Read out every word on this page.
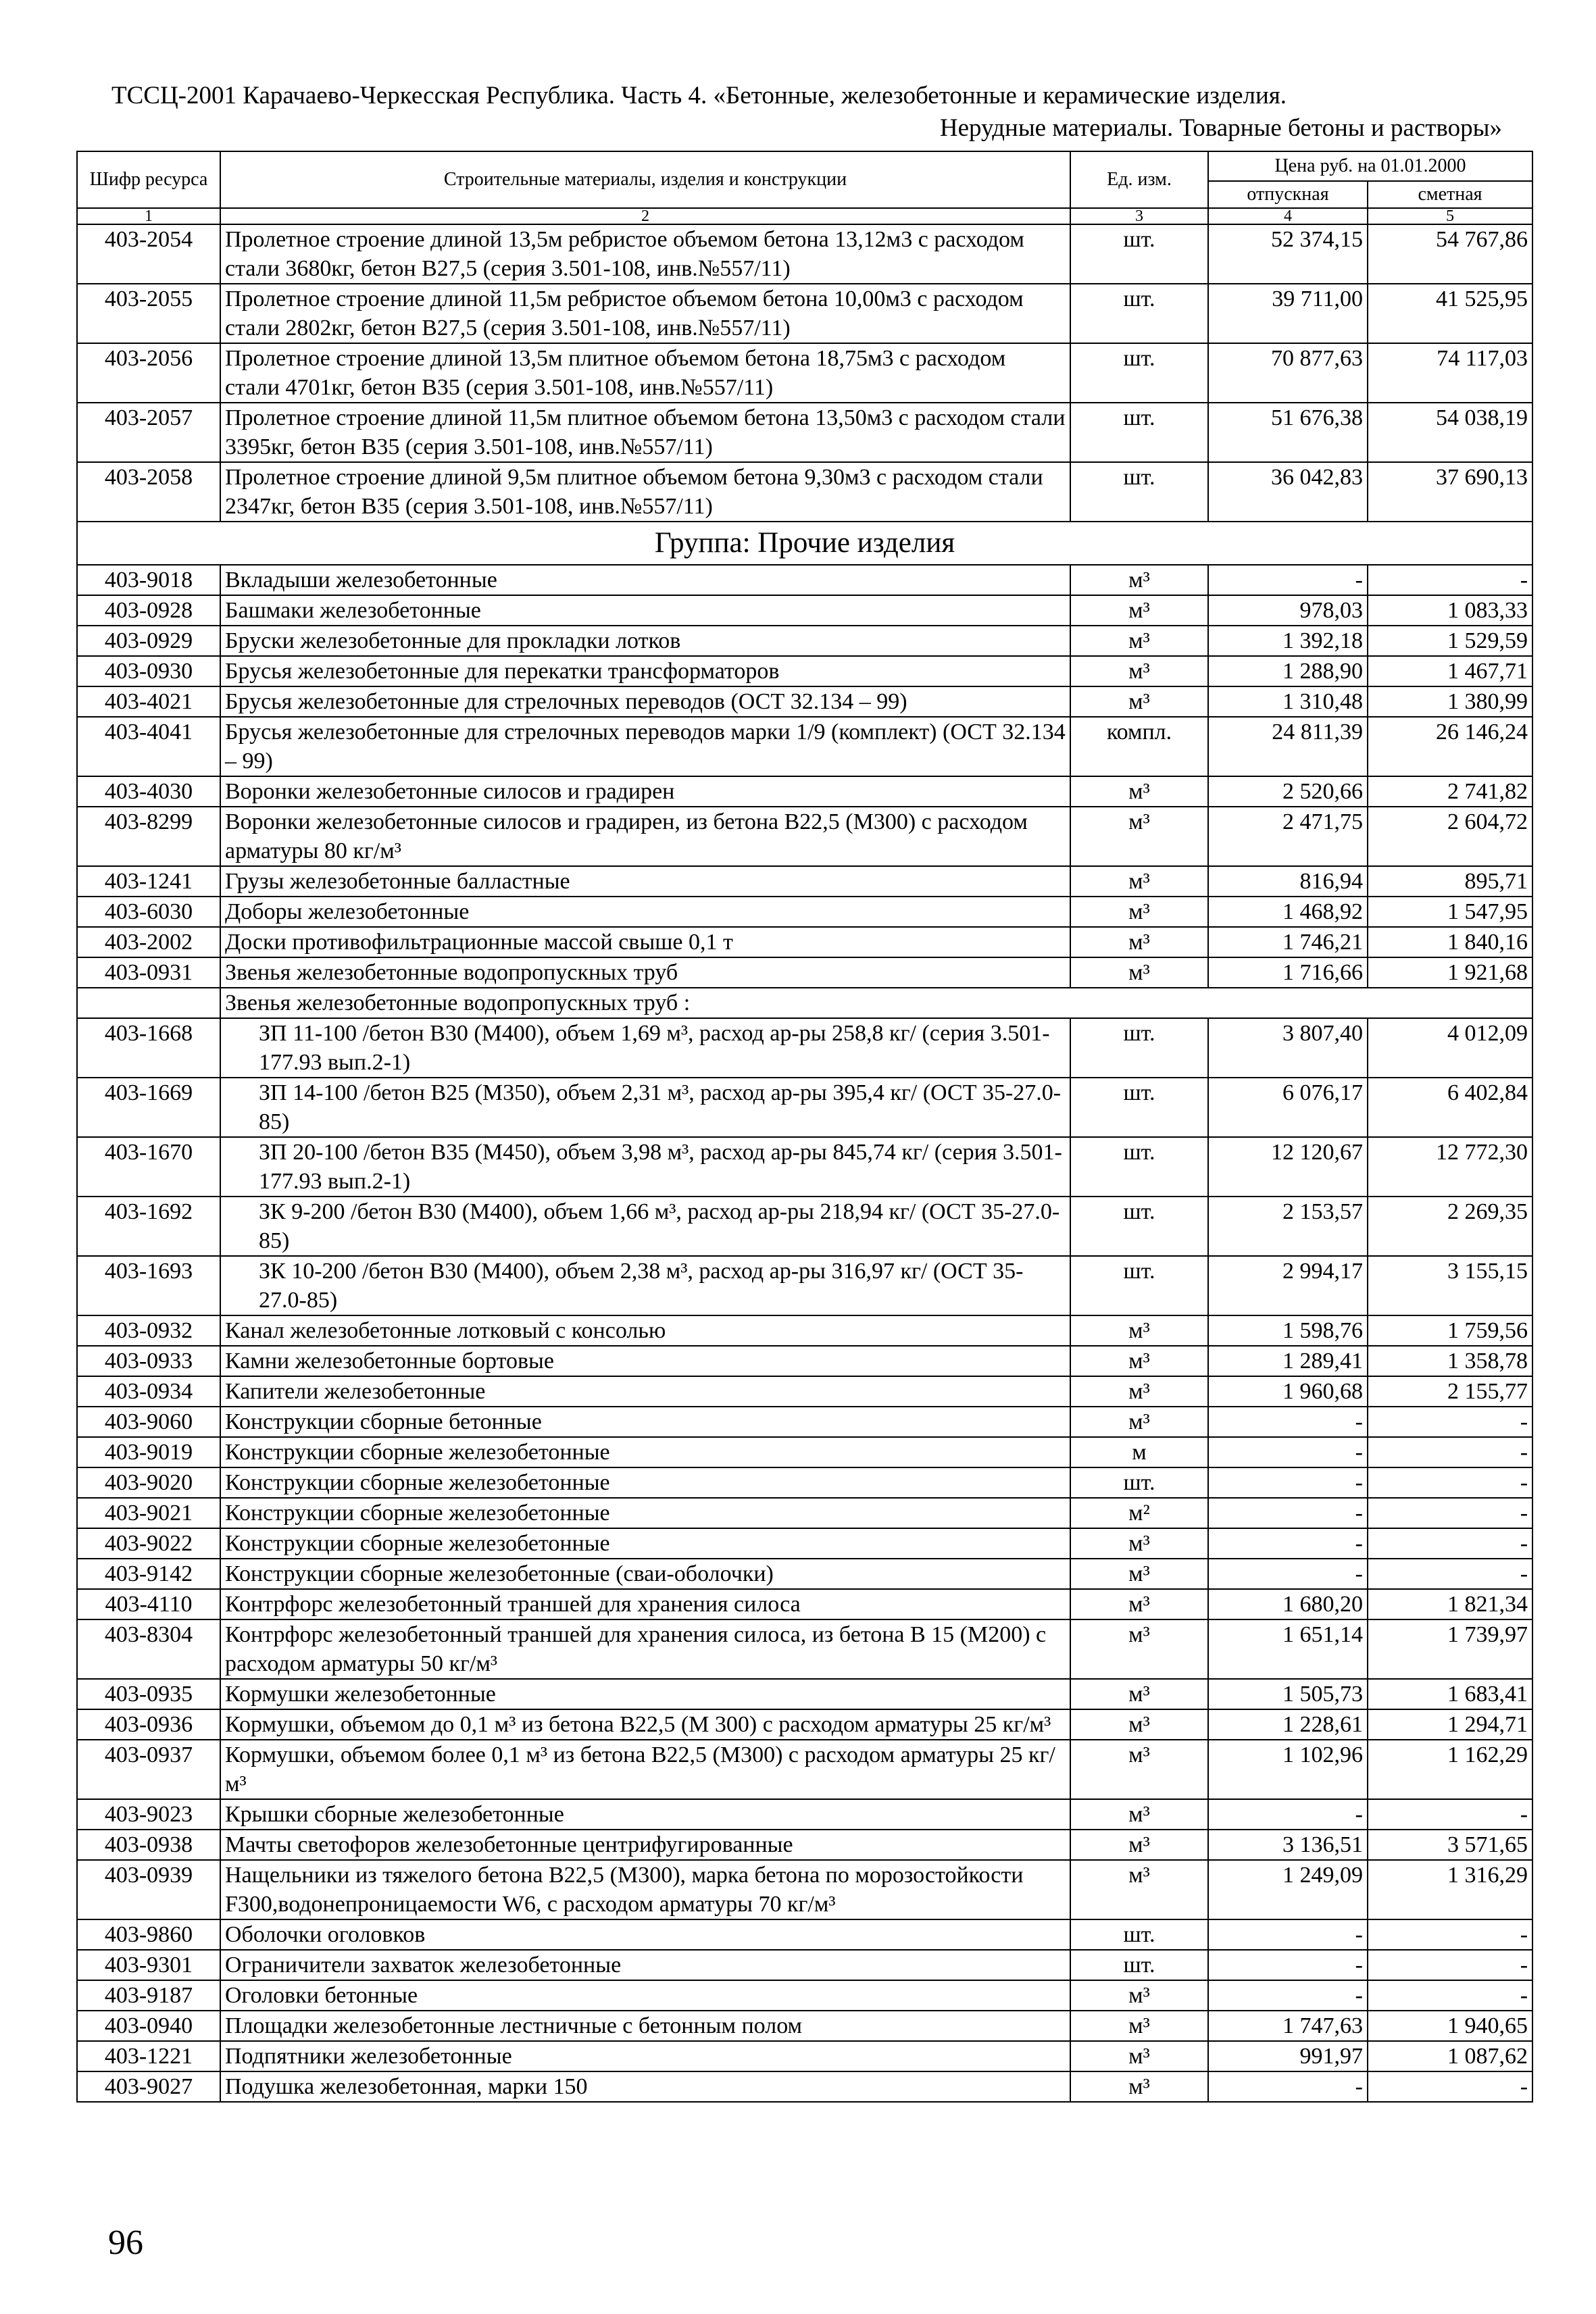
ТССЦ-2001 Карачаево-Черкесская Республика. Часть 4. «Бетонные, железобетонные и керамические изделия.
Нерудные материалы. Товарные бетоны и растворы»
Шифр ресурса	Строительные материалы, изделия и конструкции	Ед. изм.	Цена руб. на 01.01.2000	
			отпускная	сметная
1	2	3	4	5
403-2054	Пролетное строение длиной 13,5м ребристое объемом бетона 13,12м3 с расходом стали 3680кг, бетон В27,5 (серия 3.501-108, инв.№557/11)	шт.	52 374,15	54 767,86
403-2055	Пролетное строение длиной 11,5м ребристое объемом бетона 10,00м3 с расходом стали 2802кг, бетон В27,5 (серия 3.501-108, инв.№557/11)	шт.	39 711,00	41 525,95
403-2056	Пролетное строение длиной 13,5м плитное объемом бетона 18,75м3 с расходом стали 4701кг, бетон В35 (серия 3.501-108, инв.№557/11)	шт.	70 877,63	74 117,03
403-2057	Пролетное строение длиной 11,5м плитное объемом бетона 13,50м3 с расходом стали 3395кг, бетон В35 (серия 3.501-108, инв.№557/11)	шт.	51 676,38	54 038,19
403-2058	Пролетное строение длиной 9,5м плитное объемом бетона 9,30м3 с расходом стали 2347кг, бетон В35 (серия 3.501-108, инв.№557/11)	шт.	36 042,83	37 690,13
Группа: Прочие изделия				
403-9018	Вкладыши железобетонные	м³	-	-
403-0928	Башмаки железобетонные	м³	978,03	1 083,33
403-0929	Бруски железобетонные для прокладки лотков	м³	1 392,18	1 529,59
403-0930	Брусья железобетонные для перекатки трансформаторов	м³	1 288,90	1 467,71
403-4021	Брусья железобетонные для стрелочных переводов (ОСТ 32.134 – 99)	м³	1 310,48	1 380,99
403-4041	Брусья железобетонные для стрелочных переводов марки 1/9 (комплект) (ОСТ 32.134 – 99)	компл.	24 811,39	26 146,24
403-4030	Воронки железобетонные силосов и градирен	м³	2 520,66	2 741,82
403-8299	Воронки железобетонные силосов и градирен, из бетона В22,5 (М300) с расходом арматуры 80 кг/м³	м³	2 471,75	2 604,72
403-1241	Грузы железобетонные балластные	м³	816,94	895,71
403-6030	Доборы железобетонные	м³	1 468,92	1 547,95
403-2002	Доски противофильтрационные массой свыше 0,1 т	м³	1 746,21	1 840,16
403-0931	Звенья железобетонные водопропускных труб	м³	1 716,66	1 921,68
	Звенья железобетонные водопропускных труб :			
403-1668	ЗП 11-100 /бетон В30 (М400), объем 1,69 м³, расход ар-ры 258,8 кг/ (серия 3.501-177.93 вып.2-1)	шт.	3 807,40	4 012,09
403-1669	ЗП 14-100 /бетон В25 (М350), объем 2,31 м³, расход ар-ры 395,4 кг/ (ОСТ 35-27.0-85)	шт.	6 076,17	6 402,84
403-1670	ЗП 20-100 /бетон В35 (М450), объем 3,98 м³, расход ар-ры 845,74 кг/ (серия 3.501-177.93 вып.2-1)	шт.	12 120,67	12 772,30
403-1692	ЗК 9-200 /бетон В30 (М400), объем 1,66 м³, расход ар-ры 218,94 кг/ (ОСТ 35-27.0-85)	шт.	2 153,57	2 269,35
403-1693	ЗК 10-200 /бетон В30 (М400), объем 2,38 м³, расход ар-ры 316,97 кг/ (ОСТ 35-27.0-85)	шт.	2 994,17	3 155,15
403-0932	Канал железобетонные лотковый с консолью	м³	1 598,76	1 759,56
403-0933	Камни железобетонные бортовые	м³	1 289,41	1 358,78
403-0934	Капители железобетонные	м³	1 960,68	2 155,77
403-9060	Конструкции сборные бетонные	м³	-	-
403-9019	Конструкции сборные железобетонные	м	-	-
403-9020	Конструкции сборные железобетонные	шт.	-	-
403-9021	Конструкции сборные железобетонные	м²	-	-
403-9022	Конструкции сборные железобетонные	м³	-	-
403-9142	Конструкции сборные железобетонные (сваи-оболочки)	м³	-	-
403-4110	Контрфорс железобетонный траншей для хранения силоса	м³	1 680,20	1 821,34
403-8304	Контрфорс железобетонный траншей для хранения силоса, из бетона В 15 (М200) с расходом арматуры 50 кг/м³	м³	1 651,14	1 739,97
403-0935	Кормушки железобетонные	м³	1 505,73	1 683,41
403-0936	Кормушки, объемом до 0,1 м³ из бетона В22,5 (М 300) с расходом арматуры 25 кг/м³	м³	1 228,61	1 294,71
403-0937	Кормушки, объемом более 0,1 м³ из бетона В22,5 (М300) с расходом арматуры 25 кг/м³	м³	1 102,96	1 162,29
403-9023	Крышки сборные железобетонные	м³	-	-
403-0938	Мачты светофоров железобетонные центрифугированные	м³	3 136,51	3 571,65
403-0939	Нащельники из тяжелого бетона В22,5 (М300), марка бетона по морозостойкости F300,водонепроницаемости W6, с расходом арматуры 70 кг/м³	м³	1 249,09	1 316,29
403-9860	Оболочки оголовков	шт.	-	-
403-9301	Ограничители захваток железобетонные	шт.	-	-
403-9187	Оголовки бетонные	м³	-	-
403-0940	Площадки железобетонные лестничные с бетонным полом	м³	1 747,63	1 940,65
403-1221	Подпятники железобетонные	м³	991,97	1 087,62
403-9027	Подушка железобетонная, марки 150	м³	-	-
96
